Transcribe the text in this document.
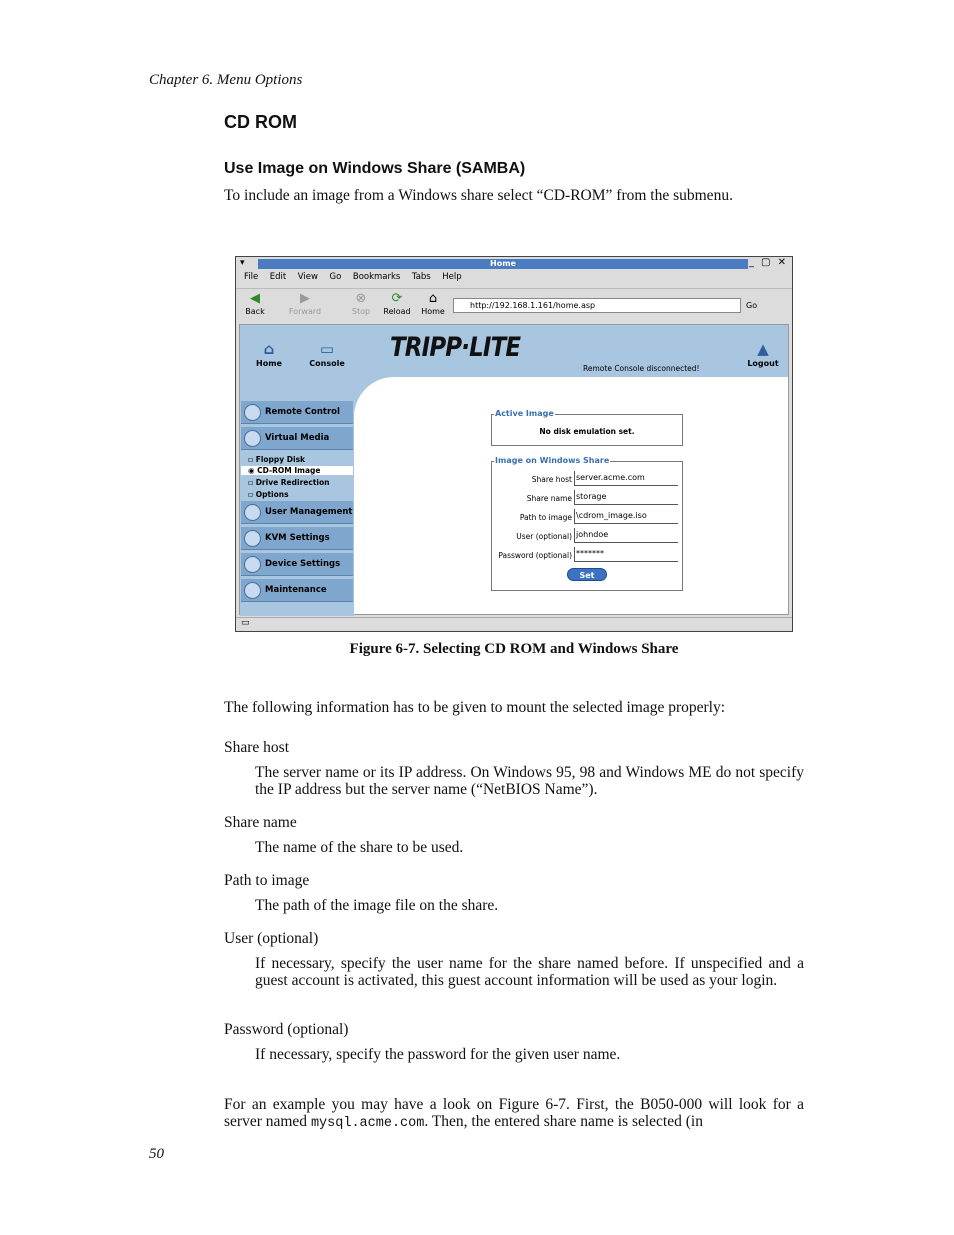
Chapter 6. Menu Options
CD ROM
Use Image on Windows Share (SAMBA)
To include an image from a Windows share select “CD-ROM” from the submenu.
▾	Home	_ ▢ ✕
File Edit View Go Bookmarks Tabs Help
◀
Back
▶
Forward
⊗
Stop
⟳
Reload
⌂
Home
http://192.168.1.161/home.asp	Go
⌂
Home
▭
Console
TRIPP·LITE
Remote Console disconnected!
▲
Logout
Remote Control
Virtual Media
▫ Floppy Disk
◉ CD-ROM Image
▫ Drive Redirection
▫ Options
User Management
KVM Settings
Device Settings
Maintenance
Active Image
No disk emulation set.
Image on Windows Share
Share host server.acme.com
Share name storage
Path to image \cdrom_image.iso
User (optional) johndoe
Password (optional) *******
Set
▭
Figure 6-7. Selecting CD ROM and Windows Share
The following information has to be given to mount the selected image properly:
Share host
The server name or its IP address. On Windows 95, 98 and Windows ME do not specify the IP address but the server name (“NetBIOS Name”).
Share name
The name of the share to be used.
Path to image
The path of the image file on the share.
User (optional)
If necessary, specify the user name for the share named before. If unspecified and a guest account is activated, this guest account information will be used as your login.
Password (optional)
If necessary, specify the password for the given user name.
For an example you may have a look on Figure 6-7. First, the B050-000 will look for a server named mysql.acme.com. Then, the entered share name is selected (in
50
